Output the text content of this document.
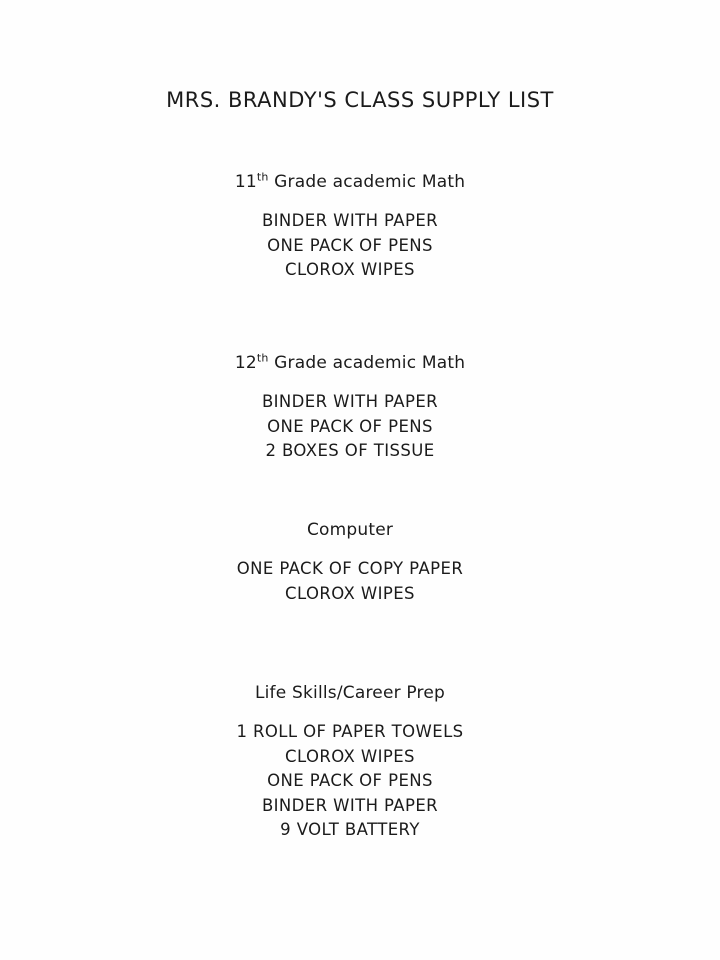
MRS. BRANDY'S CLASS SUPPLY LIST
11th Grade academic Math
BINDER WITH PAPER
ONE PACK OF PENS
CLOROX WIPES
12th Grade academic Math
BINDER WITH PAPER
ONE PACK OF PENS
2 BOXES OF TISSUE
Computer
ONE PACK OF COPY PAPER
CLOROX WIPES
Life Skills/Career Prep
1 ROLL OF PAPER TOWELS
CLOROX WIPES
ONE PACK OF PENS
BINDER WITH PAPER
9 VOLT BATTERY
